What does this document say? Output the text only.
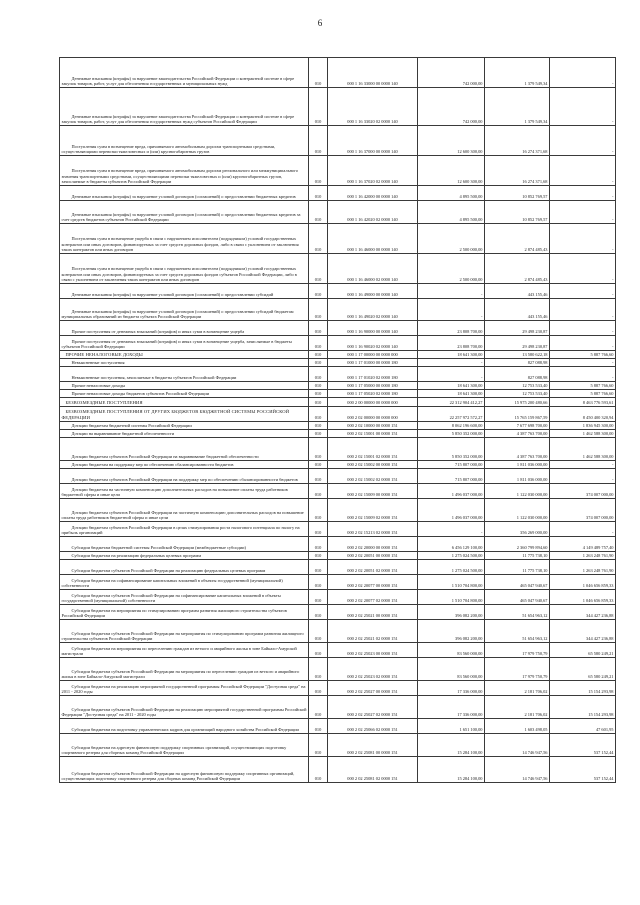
6
Денежные взыскания (штрафы) за нарушение законодательства Российской Федерации о контрактной системе в сфере закупок товаров, работ, услуг для обеспечения государственных и муниципальных нужд	010	000 1 16 33000 00 0000 140	742 000,00	1 379 549,34	-
Денежные взыскания (штрафы) за нарушение законодательства Российской Федерации о контрактной системе в сфере закупок товаров, работ, услуг для обеспечения государственных нужд субъектов Российской Федерации	010	000 1 16 33020 02 0000 140	742 000,00	1 379 549,34	-
Поступления сумм в возмещение вреда, причиняемого автомобильным дорогам транспортными средствами, осуществляющими перевозки тяжеловесных и (или) крупногабаритных грузов	010	000 1 16 37000 00 0000 140	12 600 300,00	16 274 371,68	-
Поступления сумм в возмещение вреда, причиняемого автомобильным дорогам регионального или межмуниципального значения транспортными средствами, осуществляющими перевозки тяжеловесных и (или) крупногабаритных грузов, зачисляемые в бюджеты субъектов Российской Федерации	010	000 1 16 37020 02 0000 140	12 600 300,00	16 274 371,68	-
Денежные взыскания (штрафы) за нарушение условий договоров (соглашений) о предоставлении бюджетных кредитов	010	000 1 16 42000 00 0000 140	4 895 500,00	10 852 769,57	-
Денежные взыскания (штрафы) за нарушение условий договоров (соглашений) о предоставлении бюджетных кредитов за счет средств бюджетов субъектов Российской Федерации	010	000 1 16 42020 02 0000 140	4 895 500,00	10 852 769,57	-
Поступления сумм в возмещение ущерба в связи с нарушением исполнителем (подрядчиком) условий государственных контрактов или иных договоров, финансируемых за счет средств дорожных фондов, либо в связи с уклонением от заключения таких контрактов или иных договоров	010	000 1 16 46000 00 0000 140	2 500 000,00	2 874 485,43	-
Поступления сумм в возмещение ущерба в связи с нарушением исполнителем (подрядчиком) условий государственных контрактов или иных договоров, финансируемых за счет средств дорожных фондов субъектов Российской Федерации, либо в связи с уклонением от заключения таких контрактов или иных договоров	010	000 1 16 46000 02 0000 140	2 500 000,00	2 874 485,43	-
Денежные взыскания (штрафы) за нарушение условий договоров (соглашений) о предоставлении субсидий	010	000 1 16 49000 00 0000 140	-	443 155,46	-
Денежные взыскания (штрафы) за нарушение условий договоров (соглашений) о предоставлении субсидий бюджетам муниципальных образований из бюджета субъекта Российской Федерации	010	000 1 16 49020 02 0000 140	-	443 155,46	-
Прочие поступления от денежных взысканий (штрафов) и иных сумм в возмещение ущерба	010	000 1 16 90000 00 0000 140	23 808 700,00	29 498 230,87	-
Прочие поступления от денежных взысканий (штрафов) и иных сумм в возмещение ущерба, зачисляемые в бюджеты субъектов Российской Федерации	010	000 1 16 90020 02 0000 140	23 808 700,00	29 498 230,87	-
ПРОЧИЕ НЕНАЛОГОВЫЕ ДОХОДЫ	010	000 1 17 00000 00 0000 000	18 641 300,00	13 580 622,18	5 887 766,60
Невыясненные поступления	010	000 1 17 01000 00 0000 180	-	827 088,98	-
Невыясненные поступления, зачисляемые в бюджеты субъектов Российской Федерации	010	000 1 17 01020 02 0000 180	-	827 088,98	-
Прочие неналоговые доходы	010	000 1 17 05000 00 0000 180	18 641 300,00	12 753 533,40	5 887 766,60
Прочие неналоговые доходы бюджетов субъектов Российской Федерации	010	000 1 17 05020 02 0000 180	18 641 300,00	12 753 533,40	5 887 766,60
БЕЗВОЗМЕЗДНЫЕ ПОСТУПЛЕНИЯ	010	000 2 00 00000 00 0000 000	22 312 904 412,27	15 975 200 480,66	8 463 776 593,61
БЕЗВОЗМЕЗДНЫЕ ПОСТУПЛЕНИЯ ОТ ДРУГИХ БЮДЖЕТОВ БЮДЖЕТНОЙ СИСТЕМЫ РОССИЙСКОЙ ФЕДЕРАЦИИ	010	000 2 02 00000 00 0000 000	22 257 972 572,27	15 765 159 867,59	8 450 400 320,94
Дотации бюджетам бюджетной системы Российской Федерации	010	000 2 02 10000 00 0000 151	8 062 196 600,00	7 677 698 700,00	1 836 945 300,00
Дотации на выравнивание бюджетной обеспеченности	010	000 2 02 15001 00 0000 151	5 850 352 000,00	4 387 763 700,00	1 462 588 300,00
Дотации бюджетам субъектов Российской Федерации на выравнивание бюджетной обеспеченности	010	000 2 02 15001 02 0000 151	5 850 352 000,00	4 387 763 700,00	1 462 588 300,00
Дотации бюджетам на поддержку мер по обеспечению сбалансированности бюджетов	010	000 2 02 15002 00 0000 151	715 807 000,00	1 811 036 000,00	-
Дотации бюджетам субъектов Российской Федерации на поддержку мер по обеспечению сбалансированности бюджетов	010	000 2 02 15002 02 0000 151	715 807 000,00	1 811 036 000,00	-
Дотации бюджетам на частичную компенсацию дополнительных расходов на повышение оплаты труда работников бюджетной сферы и иные цели	010	000 2 02 15009 00 0000 151	1 496 037 000,00	1 122 030 000,00	374 007 000,00
Дотации бюджетам субъектов Российской Федерации на частичную компенсацию дополнительных расходов на повышение оплаты труда работников бюджетной сферы и иные цели	010	000 2 02 15009 02 0000 151	1 496 037 000,00	1 122 030 000,00	374 007 000,00
Дотации бюджетам субъектов Российской Федерации в целях стимулирования роста налогового потенциала по налогу на прибыль организаций	010	000 2 02 15213 02 0000 151	-	356 269 000,00	-
Субсидии бюджетам бюджетной системы Российской Федерации (межбюджетные субсидии)	010	000 2 02 20000 00 0000 151	6 456 129 100,00	2 360 799 894,60	4 149 489 757,40
Субсидии бюджетам на реализацию федеральных целевых программ	010	000 2 02 20051 00 0000 151	1 275 024 500,00	11 775 738,10	1 263 248 761,90
Субсидии бюджетам субъектов Российской Федерации на реализацию федеральных целевых программ	010	000 2 02 20051 02 0000 151	1 275 024 500,00	11 775 738,10	1 263 248 761,90
Субсидии бюджетам на софинансирование капитальных вложений в объекты государственной (муниципальной) собственности	010	000 2 02 20077 00 0000 151	1 510 704 800,00	465 047 940,67	1 046 656 859,33
Субсидии бюджетам субъектов Российской Федерации на софинансирование капитальных вложений в объекты государственной (муниципальной) собственности	010	000 2 02 20077 02 0000 151	1 510 704 800,00	465 047 940,67	1 046 656 859,33
Субсидии бюджетам на мероприятия по стимулированию программ развития жилищного строительства субъектов Российской Федерации	010	000 2 02 25021 00 0000 151	396 082 200,00	51 654 963,12	344 427 236,88
Субсидии бюджетам субъектов Российской Федерации на мероприятия по стимулированию программ развития жилищного строительства субъектов Российской Федерации	010	000 2 02 25021 02 0000 151	396 082 200,00	51 654 963,12	344 427 236,88
Субсидии бюджетам на мероприятия по переселению граждан из ветхого и аварийного жилья в зоне Байкало-Амурской магистрали	010	000 2 02 25023 00 0000 151	83 560 000,00	17 979 750,79	65 580 249,21
Субсидии бюджетам субъектов Российской Федерации на мероприятия по переселению граждан из ветхого и аварийного жилья в зоне Байкало-Амурской магистрали	010	000 2 02 25023 02 0000 151	83 560 000,00	17 979 750,79	65 580 249,21
Субсидии бюджетам на реализацию мероприятий государственной программы Российской Федерации "Доступная среда" на 2011 - 2020 годы	010	000 2 02 25027 00 0000 151	17 336 000,00	2 181 706,02	15 154 293,98
Субсидии бюджетам субъектов Российской Федерации на реализацию мероприятий государственной программы Российской Федерации "Доступная среда" на 2011 - 2020 годы	010	000 2 02 25027 02 0000 151	17 336 000,00	2 181 706,02	15 154 293,98
Субсидии бюджетам на подготовку управленческих кадров для организаций народного хозяйства Российской Федерации	010	000 2 02 25066 02 0000 151	1 651 100,00	1 603 498,05	47 601,95
Субсидии бюджетам на адресную финансовую поддержку спортивных организаций, осуществляющих подготовку спортивного резерва для сборных команд Российской Федерации	010	000 2 02 25081 00 0000 151	15 284 100,00	14 746 947,56	537 152,44
Субсидии бюджетам субъектов Российской Федерации на адресную финансовую поддержку спортивных организаций, осуществляющих подготовку спортивного резерва для сборных команд Российской Федерации	010	000 2 02 25081 02 0000 151	15 284 100,00	14 746 947,56	537 152,44
